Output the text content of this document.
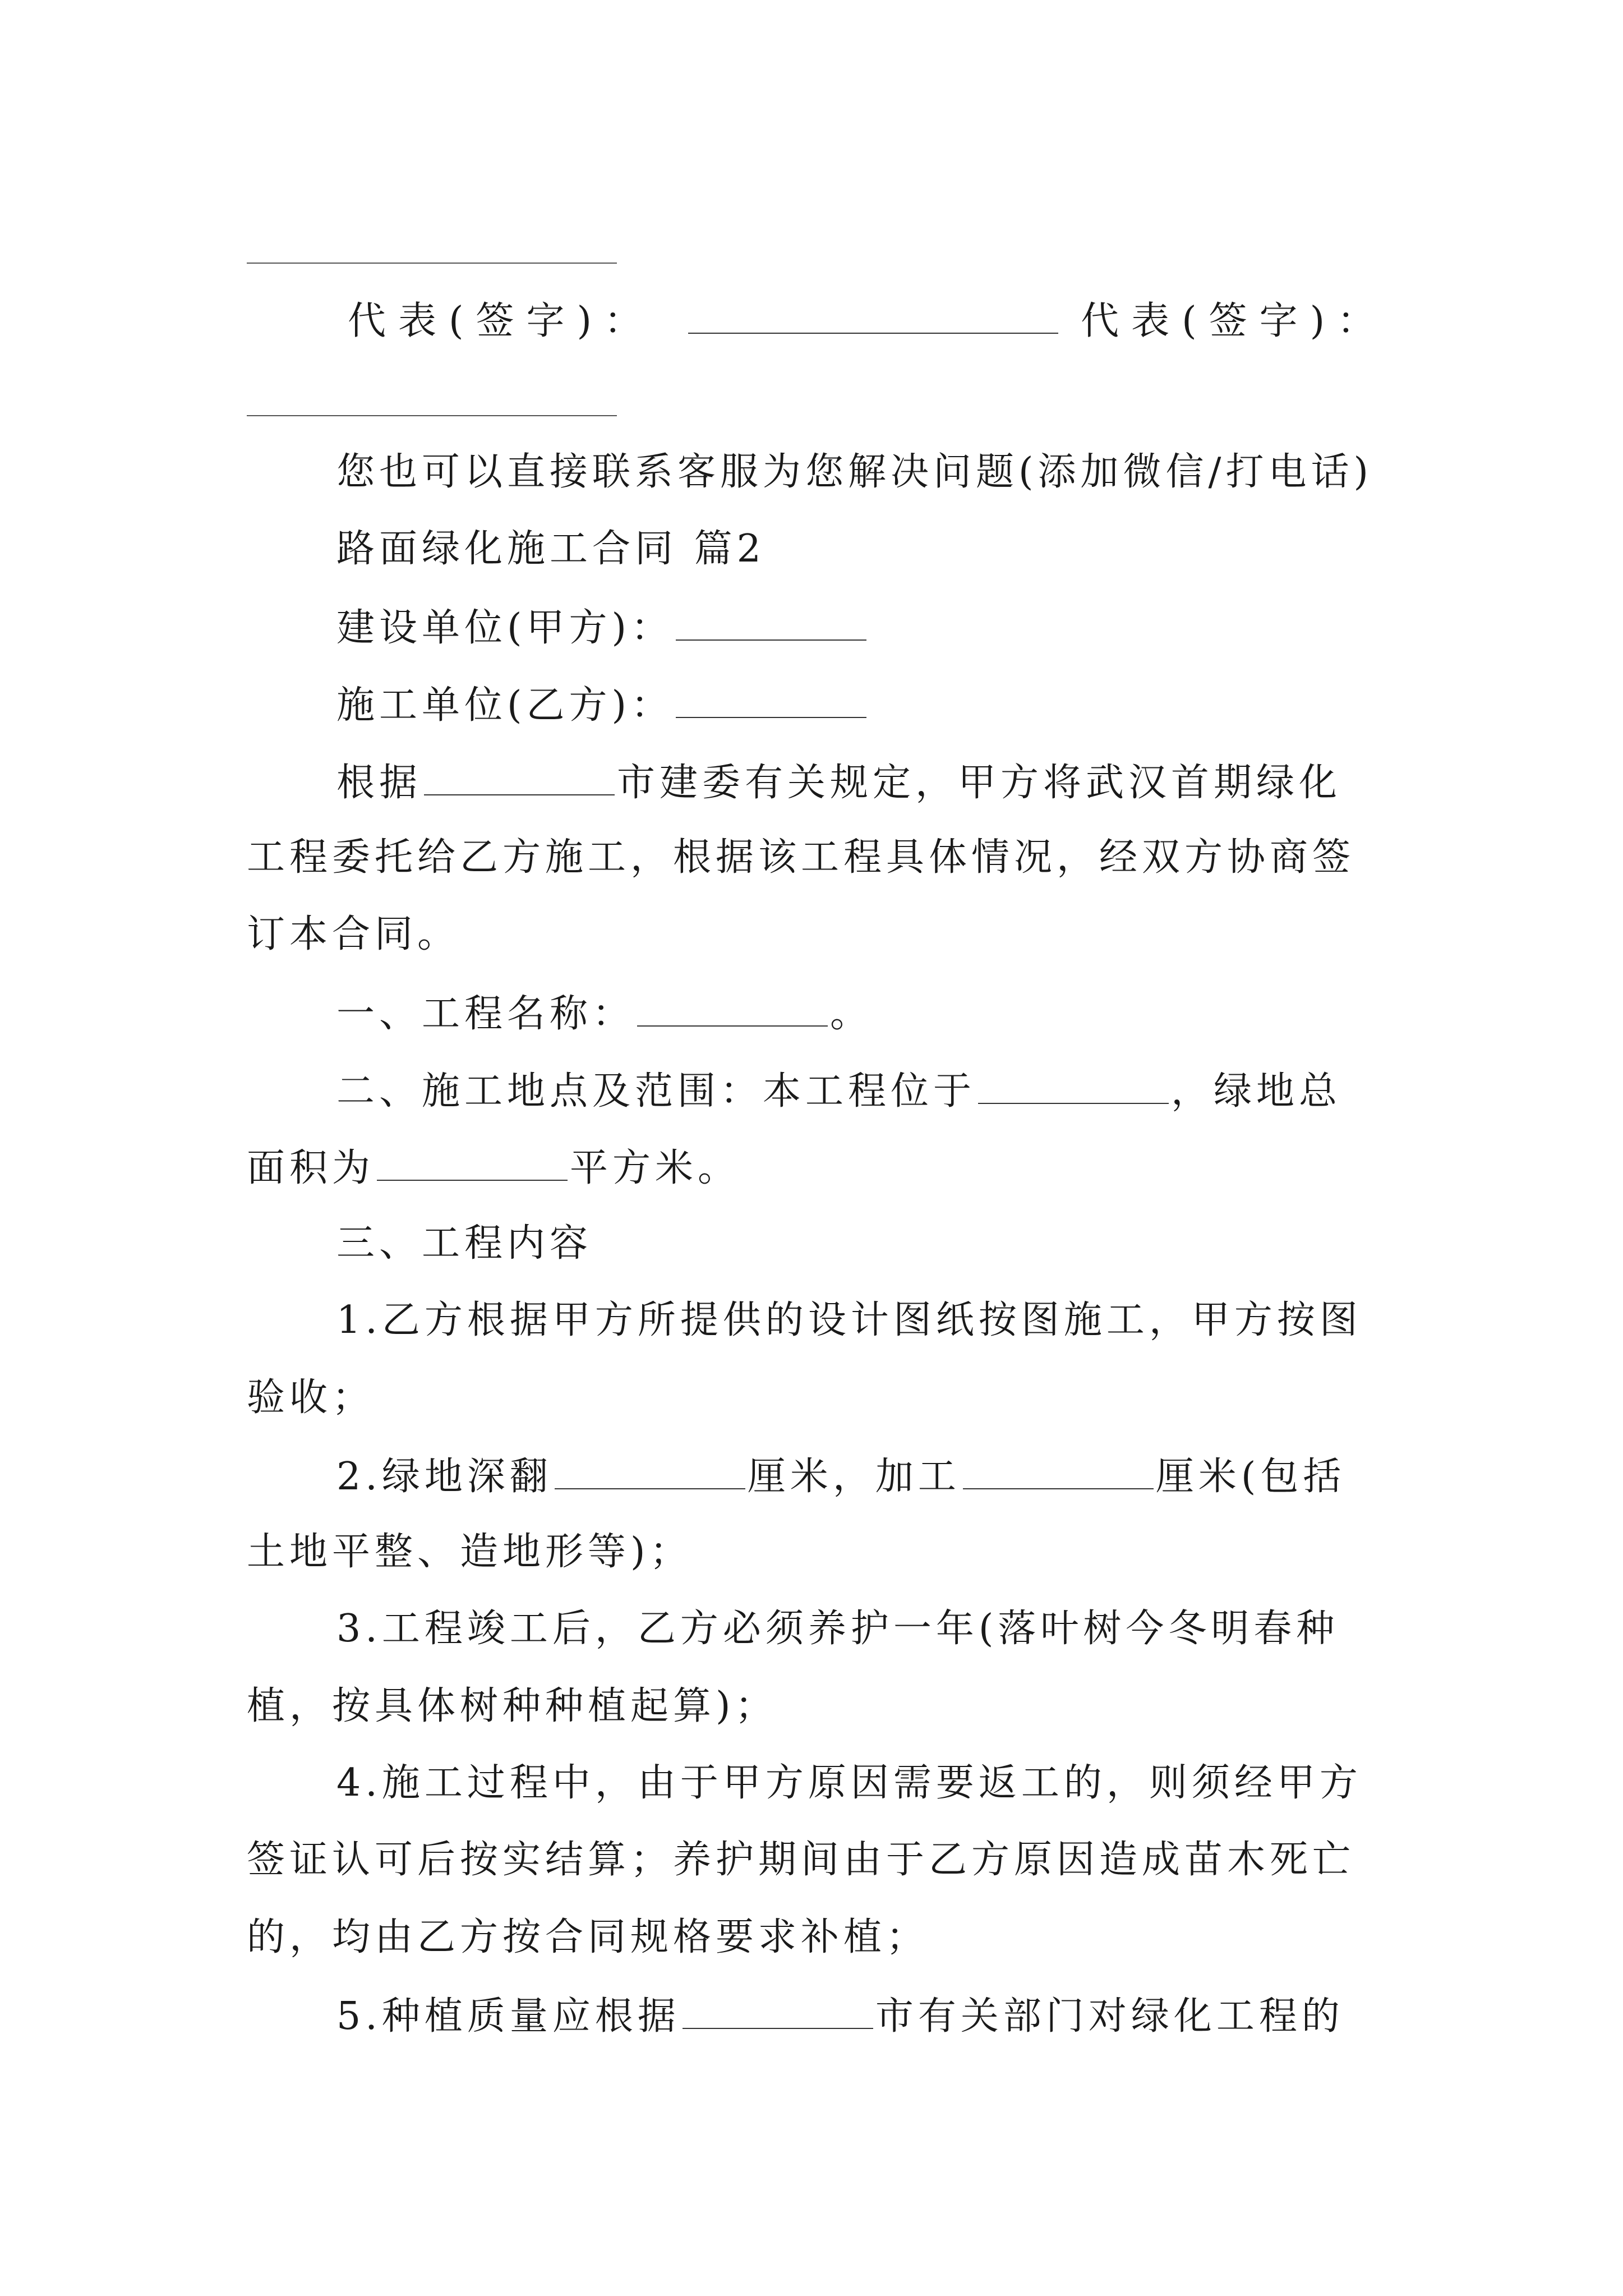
代表(签字)：	代表(签字)：
您也可以直接联系客服为您解决问题(添加微信/打电话)
路面绿化施工合同 篇2
建设单位(甲方)：
施工单位(乙方)：
根据	市建委有关规定，甲方将武汉首期绿化
工程委托给乙方施工，根据该工程具体情况，经双方协商签
订本合同。
一、工程名称：	。
二、施工地点及范围：本工程位于	，绿地总
面积为	平方米。
三、工程内容
1.乙方根据甲方所提供的设计图纸按图施工，甲方按图
验收；
2.绿地深翻	厘米，加工	厘米(包括
土地平整、造地形等)；
3.工程竣工后，乙方必须养护一年(落叶树今冬明春种
植，按具体树种种植起算)；
4.施工过程中，由于甲方原因需要返工的，则须经甲方
签证认可后按实结算；养护期间由于乙方原因造成苗木死亡
的，均由乙方按合同规格要求补植；
5.种植质量应根据	市有关部门对绿化工程的
